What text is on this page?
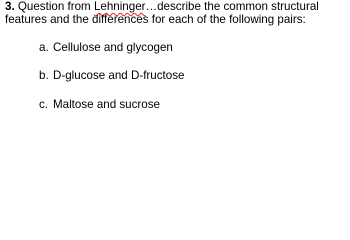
3. Question from Lehninger…describe the common structural features and the differences for each of the following pairs:

a. Cellulose and glycogen
b. D-glucose and D-fructose
c. Maltose and sucrose
